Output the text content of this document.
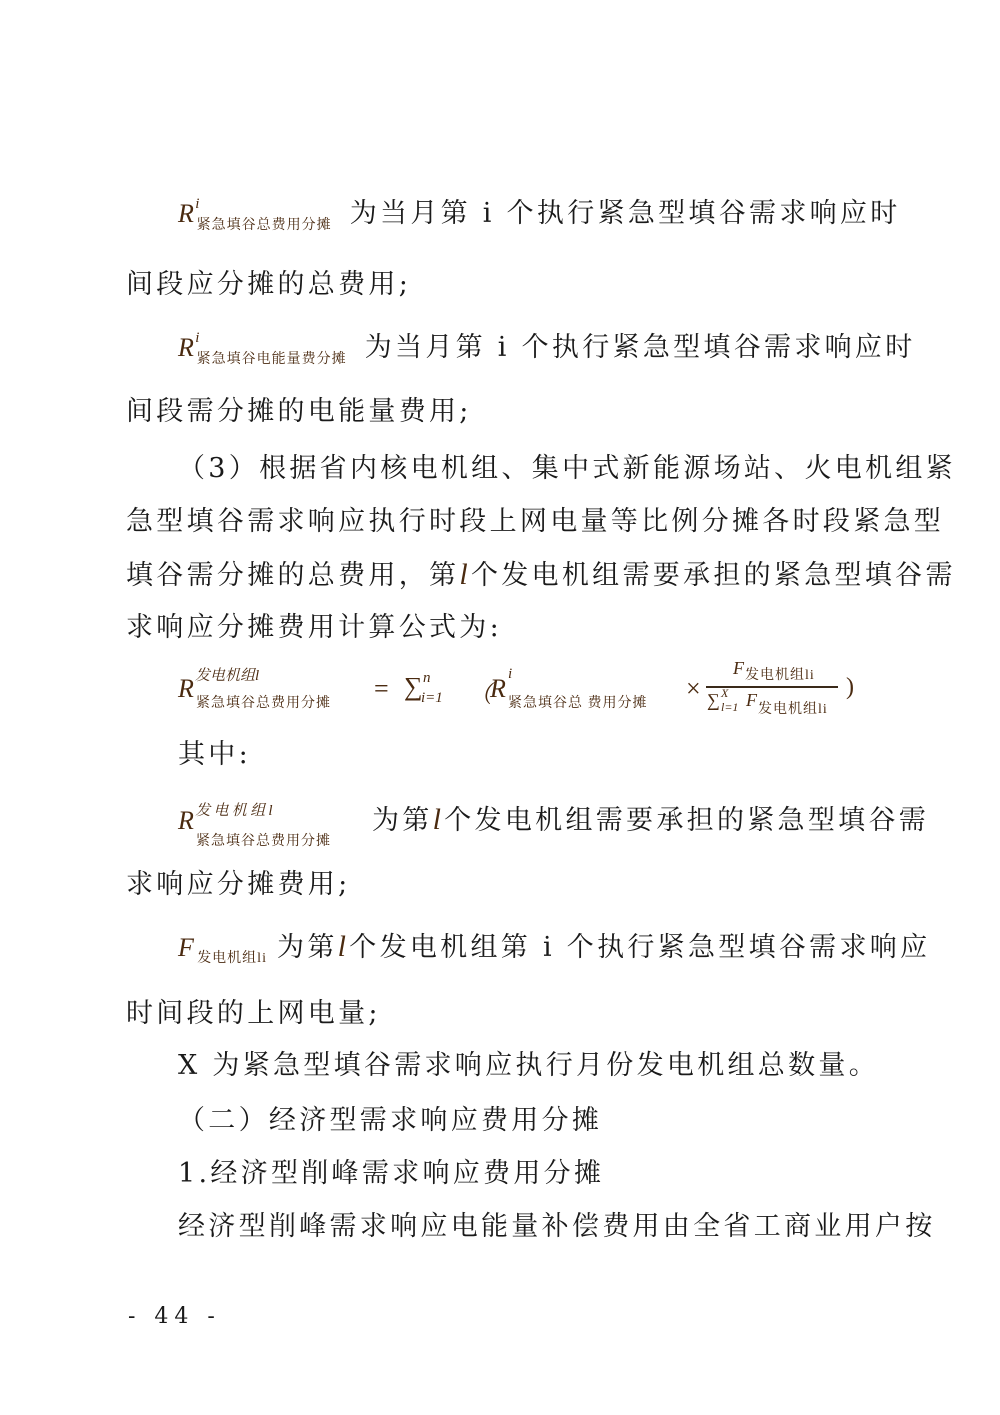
$R^i_{紧急填谷总费用分摊}$ 为当月第 i 个执行紧急型填谷需求响应时
间段应分摊的总费用;
$R^i_{紧急填谷电能量费分摊}$ 为当月第 i 个执行紧急型填谷需求响应时
间段需分摊的电能量费用;
（3）根据省内核电机组、集中式新能源场站、火电机组紧
急型填谷需求响应执行时段上网电量等比例分摊各时段紧急型
填谷需分摊的总费用，第l个发电机组需要承担的紧急型填谷需
求响应分摊费用计算公式为:
R 发电机组l
紧急填谷总费用分摊
= ∑ n
i=1 （
R i
紧急填谷总 费用分摊
×
F 发电机组li
∑ X
l=1 F 发电机组li
)
其中:
$R^{发电机组l}$
紧急填谷总费用分摊
为第l个发电机组需要承担的紧急型填谷需
求响应分摊费用;
$F_{发电机组li}$ 为第l个发电机组第 i 个执行紧急型填谷需求响应
时间段的上网电量;
X 为紧急型填谷需求响应执行月份发电机组总数量。
（二）经济型需求响应费用分摊
1.经济型削峰需求响应费用分摊
经济型削峰需求响应电能量补偿费用由全省工商业用户按
- 44 -
